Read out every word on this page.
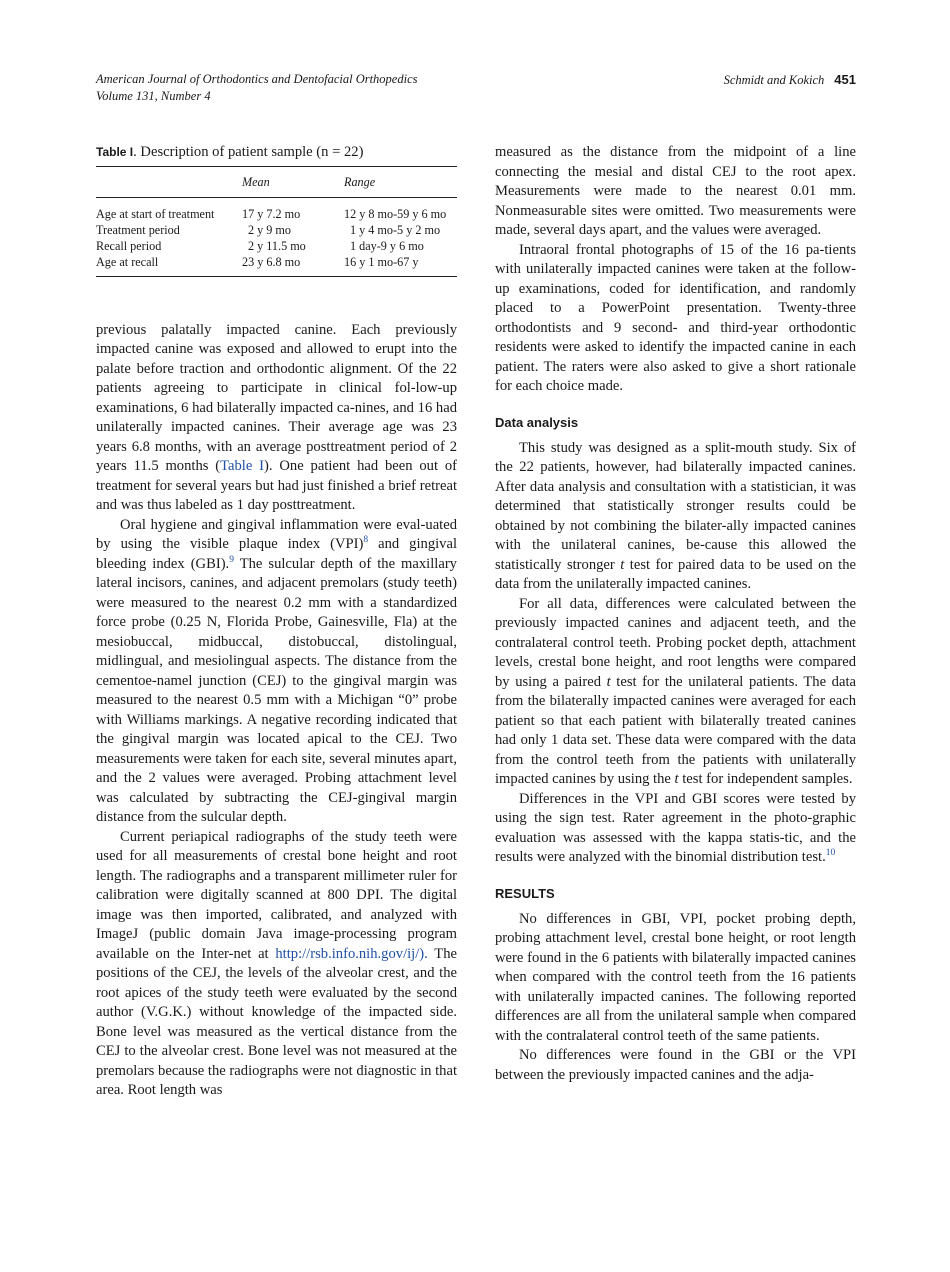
American Journal of Orthodontics and Dentofacial Orthopedics
Volume 131, Number 4
Schmidt and Kokich 451
Table I. Description of patient sample (n = 22)
	Mean	Range
Age at start of treatment	17 y 7.2 mo	12 y 8 mo-59 y 6 mo
Treatment period	2 y 9 mo	1 y 4 mo-5 y 2 mo
Recall period	2 y 11.5 mo	1 day-9 y 6 mo
Age at recall	23 y 6.8 mo	16 y 1 mo-67 y

previous palatally impacted canine. Each previously impacted canine was exposed and allowed to erupt into the palate before traction and orthodontic alignment. Of the 22 patients agreeing to participate in clinical fol-low-up examinations, 6 had bilaterally impacted ca-nines, and 16 had unilaterally impacted canines. Their average age was 23 years 6.8 months, with an average posttreatment period of 2 years 11.5 months (Table I). One patient had been out of treatment for several years but had just finished a brief retreat and was thus labeled as 1 day posttreatment.

Oral hygiene and gingival inflammation were eval-uated by using the visible plaque index (VPI)$^8$ and gingival bleeding index (GBI).$^9$ The sulcular depth of the maxillary lateral incisors, canines, and adjacent premolars (study teeth) were measured to the nearest 0.2 mm with a standardized force probe (0.25 N, Florida Probe, Gainesville, Fla) at the mesiobuccal, midbuccal, distobuccal, distolingual, midlingual, and mesiolingual aspects. The distance from the cementoe-namel junction (CEJ) to the gingival margin was measured to the nearest 0.5 mm with a Michigan “0” probe with Williams markings. A negative recording indicated that the gingival margin was located apical to the CEJ. Two measurements were taken for each site, several minutes apart, and the 2 values were averaged. Probing attachment level was calculated by subtracting the CEJ-gingival margin distance from the sulcular depth.

Current periapical radiographs of the study teeth were used for all measurements of crestal bone height and root length. The radiographs and a transparent millimeter ruler for calibration were digitally scanned at 800 DPI. The digital image was then imported, calibrated, and analyzed with ImageJ (public domain Java image-processing program available on the Inter-net at http://rsb.info.nih.gov/ij/). The positions of the CEJ, the levels of the alveolar crest, and the root apices of the study teeth were evaluated by the second author (V.G.K.) without knowledge of the impacted side. Bone level was measured as the vertical distance from the CEJ to the alveolar crest. Bone level was not measured at the premolars because the radiographs were not diagnostic in that area. Root length was

measured as the distance from the midpoint of a line connecting the mesial and distal CEJ to the root apex. Measurements were made to the nearest 0.01 mm. Nonmeasurable sites were omitted. Two measurements were made, several days apart, and the values were averaged.

Intraoral frontal photographs of 15 of the 16 pa-tients with unilaterally impacted canines were taken at the follow-up examinations, coded for identification, and randomly placed to a PowerPoint presentation. Twenty-three orthodontists and 9 second- and third-year orthodontic residents were asked to identify the impacted canine in each patient. The raters were also asked to give a short rationale for each choice made.

Data analysis

This study was designed as a split-mouth study. Six of the 22 patients, however, had bilaterally impacted canines. After data analysis and consultation with a statistician, it was determined that statistically stronger results could be obtained by not combining the bilater-ally impacted canines with the unilateral canines, be-cause this allowed the statistically stronger t test for paired data to be used on the data from the unilaterally impacted canines.

For all data, differences were calculated between the previously impacted canines and adjacent teeth, and the contralateral control teeth. Probing pocket depth, attachment levels, crestal bone height, and root lengths were compared by using a paired t test for the unilateral patients. The data from the bilaterally impacted canines were averaged for each patient so that each patient with bilaterally treated canines had only 1 data set. These data were compared with the data from the control teeth from the patients with unilaterally impacted canines by using the t test for independent samples.

Differences in the VPI and GBI scores were tested by using the sign test. Rater agreement in the photo-graphic evaluation was assessed with the kappa statis-tic, and the results were analyzed with the binomial distribution test.$^{10}$

RESULTS

No differences in GBI, VPI, pocket probing depth, probing attachment level, crestal bone height, or root length were found in the 6 patients with bilaterally impacted canines when compared with the control teeth from the 16 patients with unilaterally impacted canines. The following reported differences are all from the unilateral sample when compared with the contralateral control teeth of the same patients.

No differences were found in the GBI or the VPI between the previously impacted canines and the adja-
